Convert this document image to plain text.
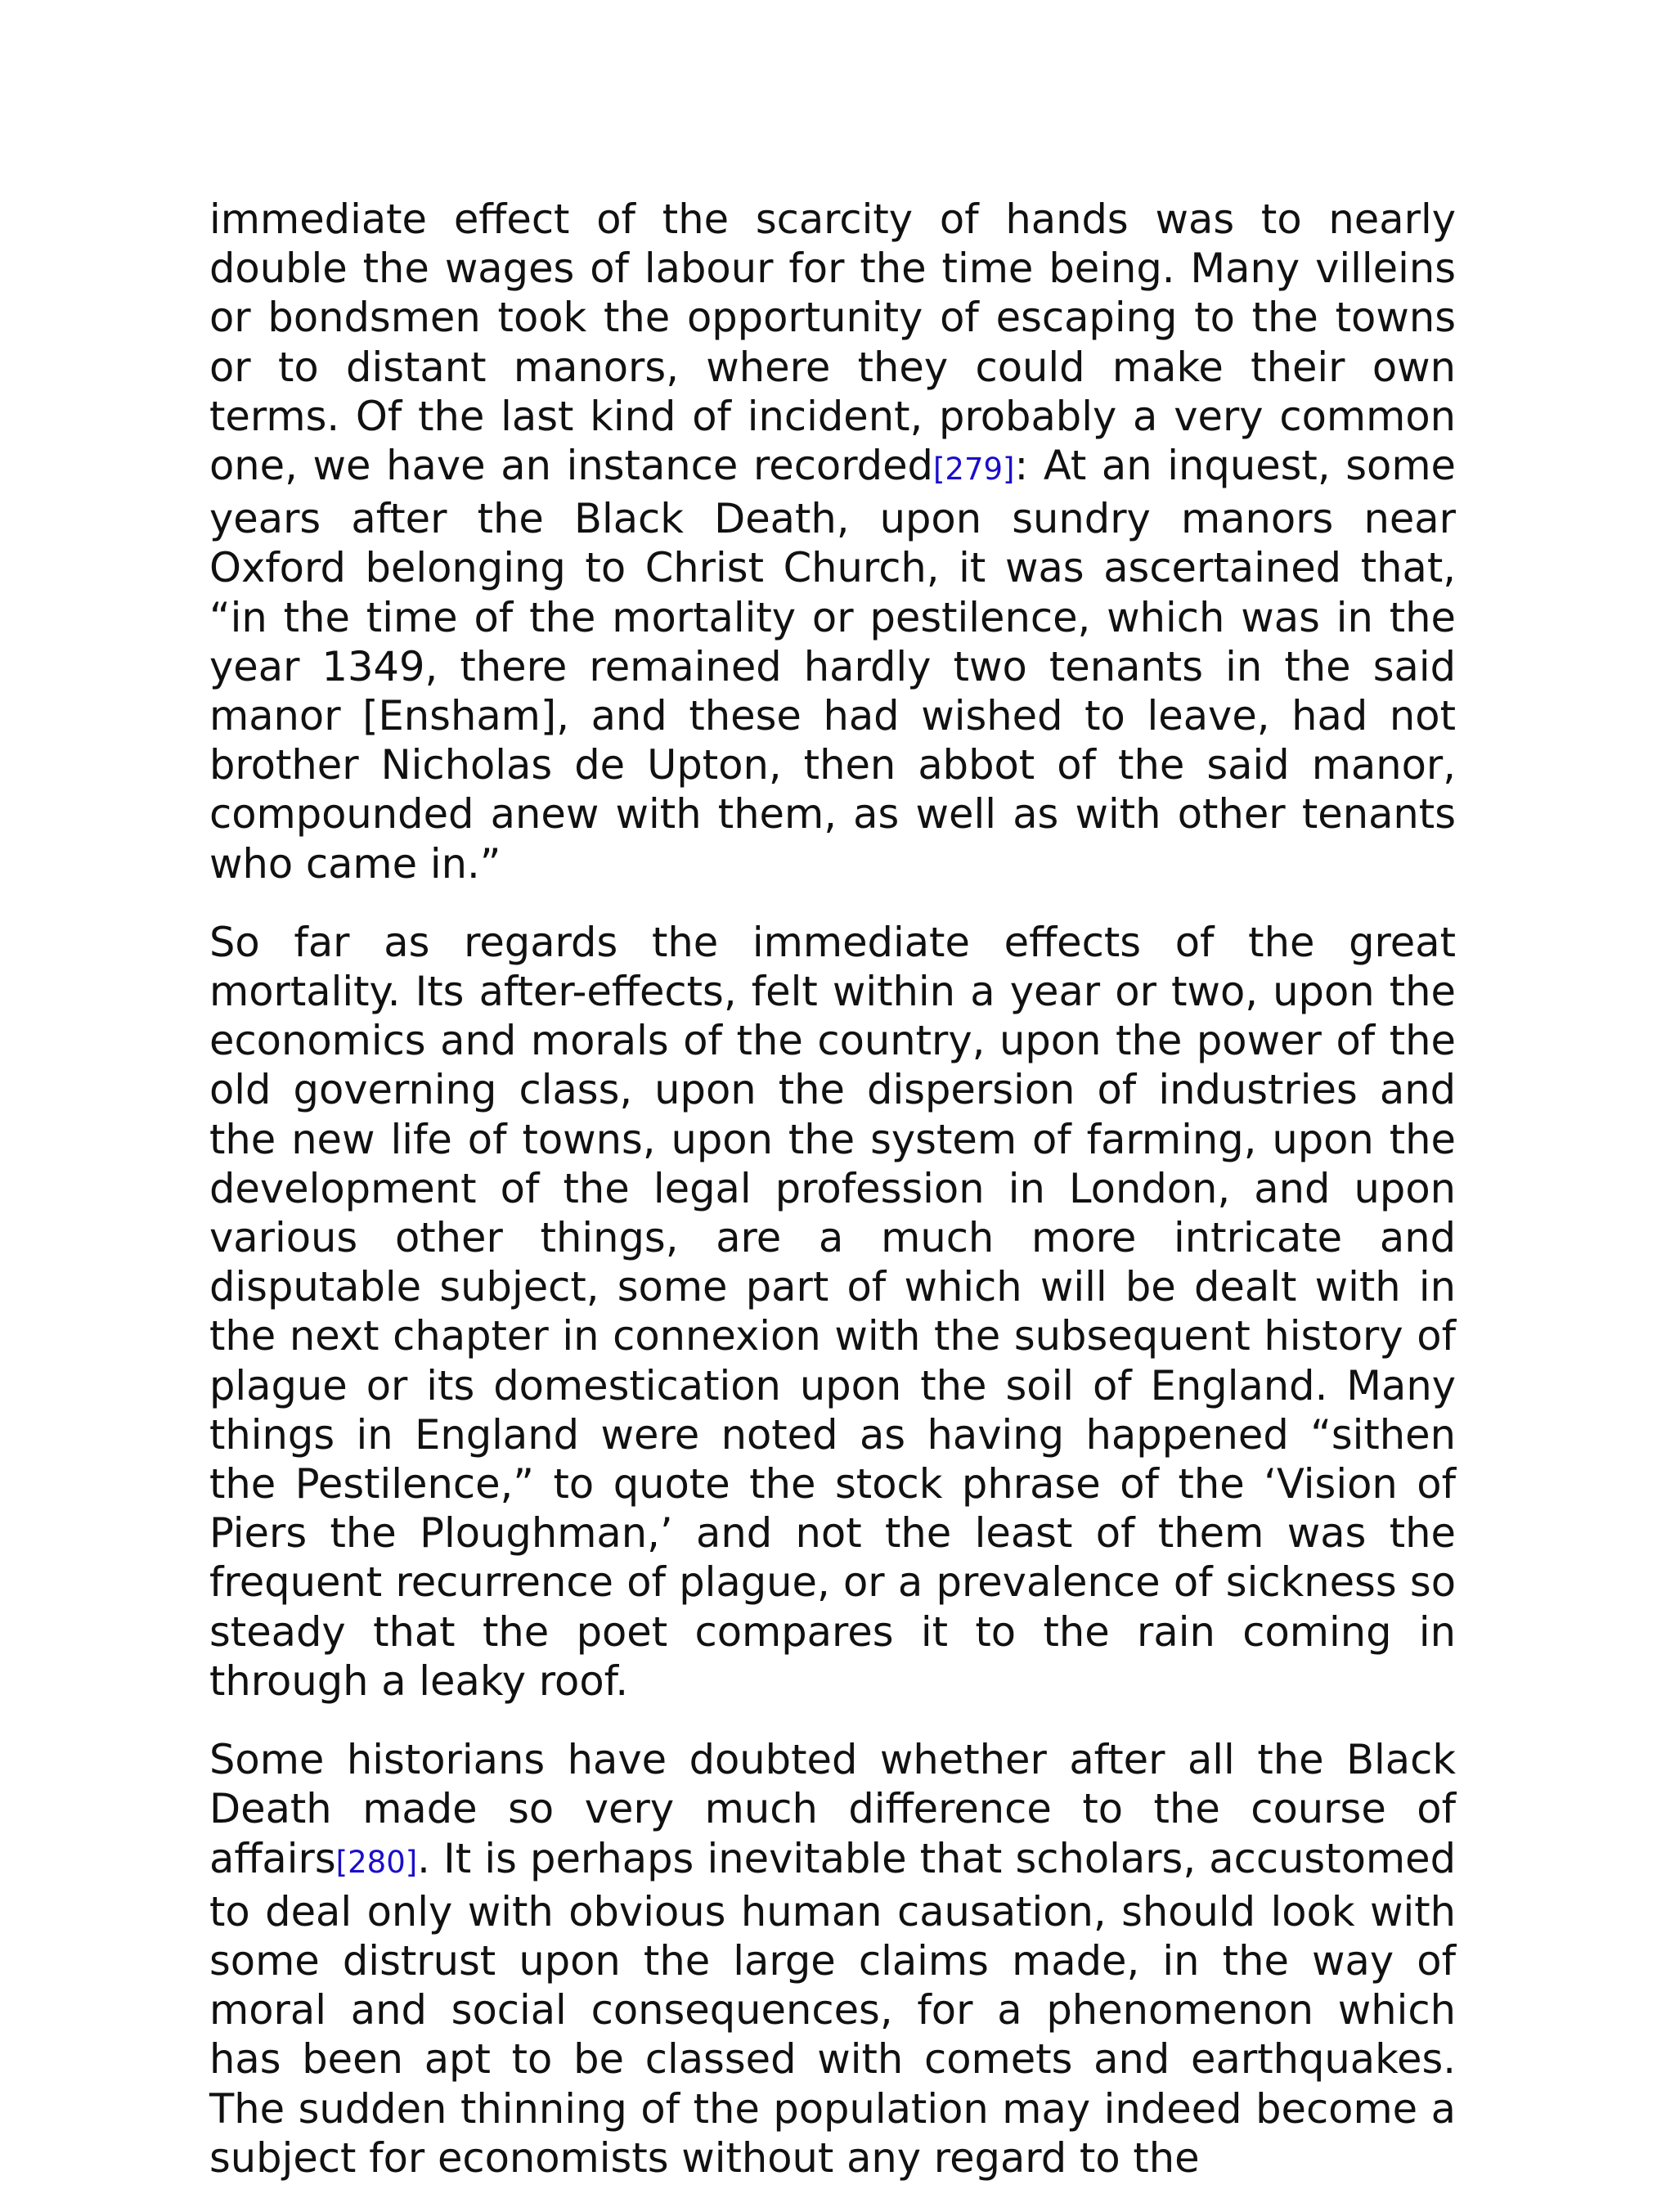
immediate effect of the scarcity of hands was to nearly double the wages of labour for the time being. Many villeins or bondsmen took the opportunity of escaping to the towns or to distant manors, where they could make their own terms. Of the last kind of incident, probably a very common one, we have an instance recorded[279]: At an inquest, some years after the Black Death, upon sundry manors near Oxford belonging to Christ Church, it was ascertained that, “in the time of the mortality or pestilence, which was in the year 1349, there remained hardly two tenants in the said manor [Ensham], and these had wished to leave, had not brother Nicholas de Upton, then abbot of the said manor, compounded anew with them, as well as with other tenants who came in.”

So far as regards the immediate effects of the great mortality. Its after-effects, felt within a year or two, upon the economics and morals of the country, upon the power of the old governing class, upon the dispersion of industries and the new life of towns, upon the system of farming, upon the development of the legal profession in London, and upon various other things, are a much more intricate and disputable subject, some part of which will be dealt with in the next chapter in connexion with the subsequent history of plague or its domestication upon the soil of England. Many things in England were noted as having happened “sithen the Pestilence,” to quote the stock phrase of the ‘Vision of Piers the Ploughman,’ and not the least of them was the frequent recurrence of plague, or a prevalence of sickness so steady that the poet compares it to the rain coming in through a leaky roof.

Some historians have doubted whether after all the Black Death made so very much difference to the course of affairs[280]. It is perhaps inevitable that scholars, accustomed to deal only with obvious human causation, should look with some distrust upon the large claims made, in the way of moral and social consequences, for a phenomenon which has been apt to be classed with comets and earthquakes. The sudden thinning of the population may indeed become a subject for economists without any regard to the
